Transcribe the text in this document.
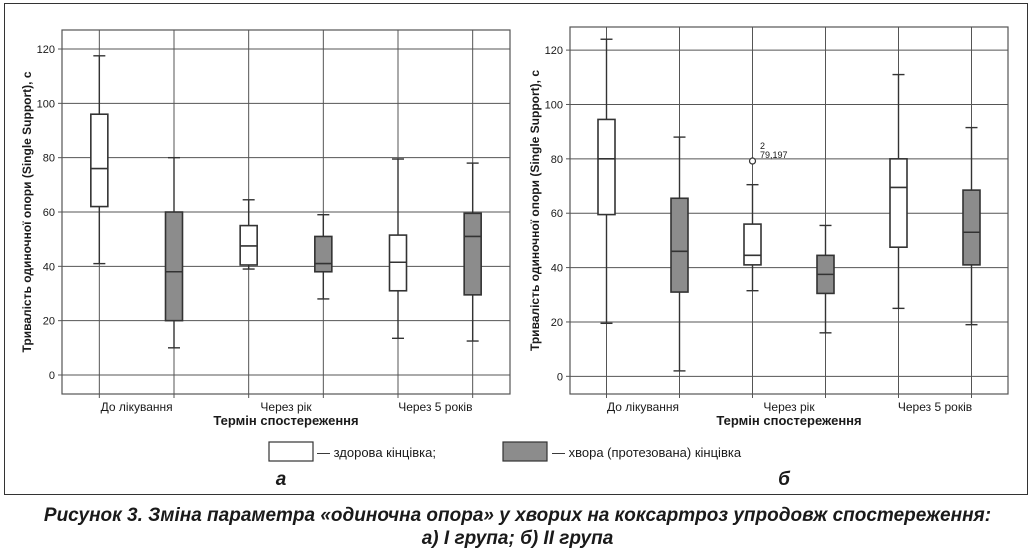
0
20
40
60
80
100
120
До лікування	Через рік	Через 5 років
Тривалість одиночної опори (Single Support), с
Термін спостереження
а
0
20
40
60
80
100
120
До лікування	Через рік	Через 5 років
Тривалість одиночної опори (Single Support), с
Термін спостереження
б
2
79,197
— здорова кінцівка;	— хвора (протезована) кінцівка
Рисунок 3. Зміна параметра «одиночна опора» у хворих на коксартроз упродовж спостереження:
а) I група; б) II група
